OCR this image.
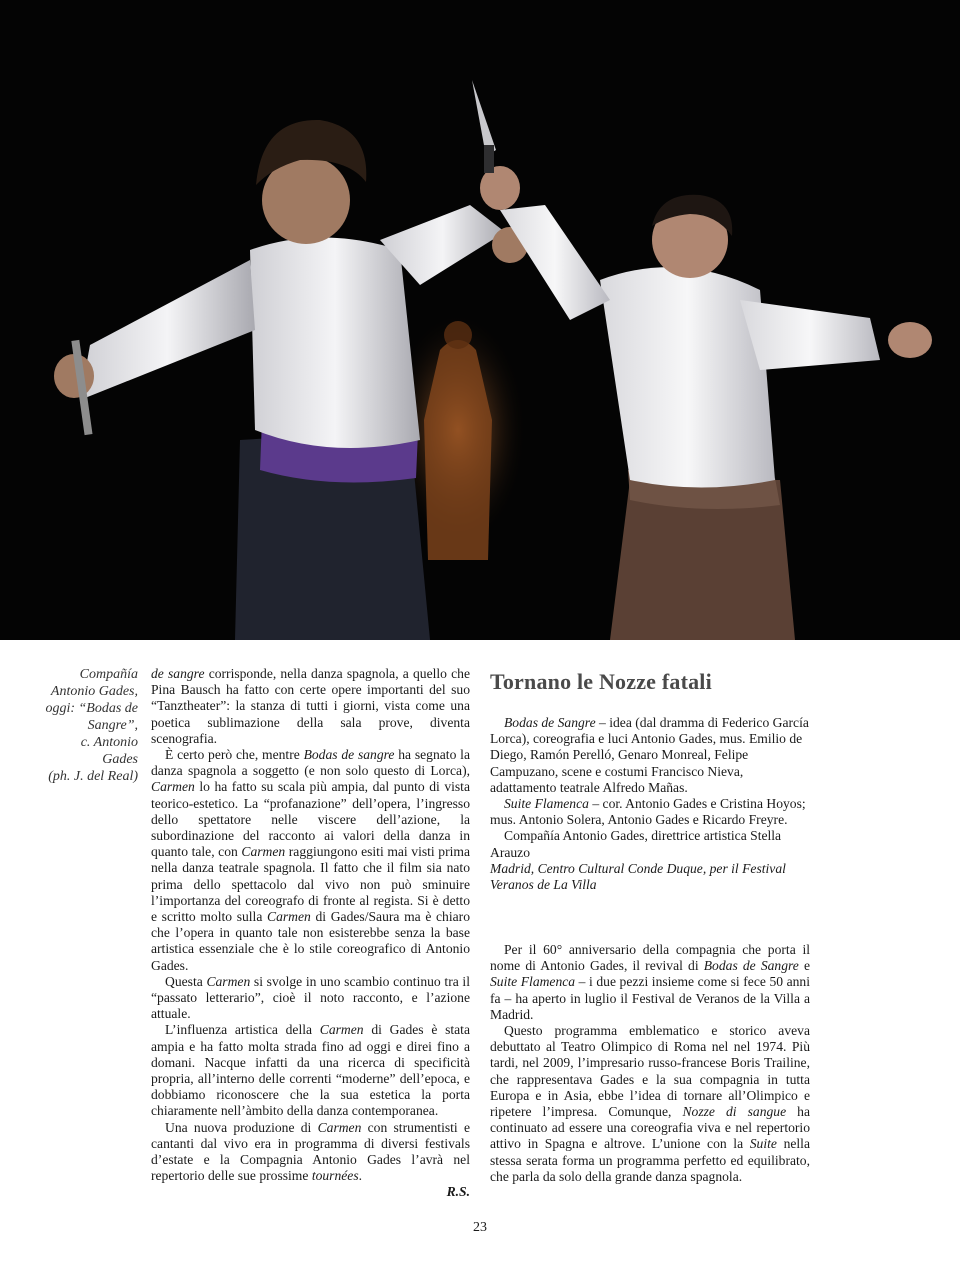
Compañía
Antonio Gades,
oggi: “Bodas de
Sangre”,
c. Antonio
Gades
(ph. J. del Real)

de sangre corrisponde, nella danza spagnola, a quello che Pina Bausch ha fatto con certe opere importanti del suo “Tanztheater”: la stanza di tutti i giorni, vista come una poetica sublimazione della sala prove, diventa scenografia.

È certo però che, mentre Bodas de sangre ha segnato la danza spagnola a soggetto (e non solo questo di Lorca), Carmen lo ha fatto su scala più ampia, dal punto di vista teorico-estetico. La “profanazione” dell’opera, l’ingresso dello spettatore nelle viscere dell’azione, la subordinazione del racconto ai valori della danza in quanto tale, con Carmen raggiungono esiti mai visti prima nella danza teatrale spagnola. Il fatto che il film sia nato prima dello spettacolo dal vivo non può sminuire l’importanza del coreografo di fronte al regista. Si è detto e scritto molto sulla Carmen di Gades/Saura ma è chiaro che l’opera in quanto tale non esisterebbe senza la base artistica essenziale che è lo stile coreografico di Antonio Gades.

Questa Carmen si svolge in uno scambio continuo tra il “passato letterario”, cioè il noto racconto, e l’azione attuale.

L’influenza artistica della Carmen di Gades è stata ampia e ha fatto molta strada fino ad oggi e direi fino a domani. Nacque infatti da una ricerca di specificità propria, all’interno delle correnti “moderne” dell’epoca, e dobbiamo riconoscere che la sua estetica la porta chiaramente nell’àmbito della danza contemporanea.

Una nuova produzione di Carmen con strumentisti e cantanti dal vivo era in programma di diversi festivals d’estate e la Compagnia Antonio Gades l’avrà nel repertorio delle sue prossime tournées.

R.S.
Tornano le Nozze fatali

Bodas de Sangre – idea (dal dramma di Federico García Lorca), coreografia e luci Antonio Gades, mus. Emilio de Diego, Ramón Perelló, Genaro Monreal, Felipe Campuzano, scene e costumi Francisco Nieva, adattamento teatrale Alfredo Mañas.

Suite Flamenca – cor. Antonio Gades e Cristina Hoyos; mus. Antonio Solera, Antonio Gades e Ricardo Freyre.

Compañía Antonio Gades, direttrice artistica Stella Arauzo

Madrid, Centro Cultural Conde Duque, per il Festival Veranos de La Villa

Per il 60° anniversario della compagnia che porta il nome di Antonio Gades, il revival di Bodas de Sangre e Suite Flamenca – i due pezzi insieme come si fece 50 anni fa – ha aperto in luglio il Festival de Veranos de la Villa a Madrid.

Questo programma emblematico e storico aveva debuttato al Teatro Olimpico di Roma nel nel 1974. Più tardi, nel 2009, l’impresario russo-francese Boris Trailine, che rappresentava Gades e la sua compagnia in tutta Europa e in Asia, ebbe l’idea di tornare all’Olimpico e ripetere l’impresa. Comunque, Nozze di sangue ha continuato ad essere una coreografia viva e nel repertorio attivo in Spagna e altrove. L’unione con la Suite nella stessa serata forma un programma perfetto ed equilibrato, che parla da solo della grande danza spagnola.

23
